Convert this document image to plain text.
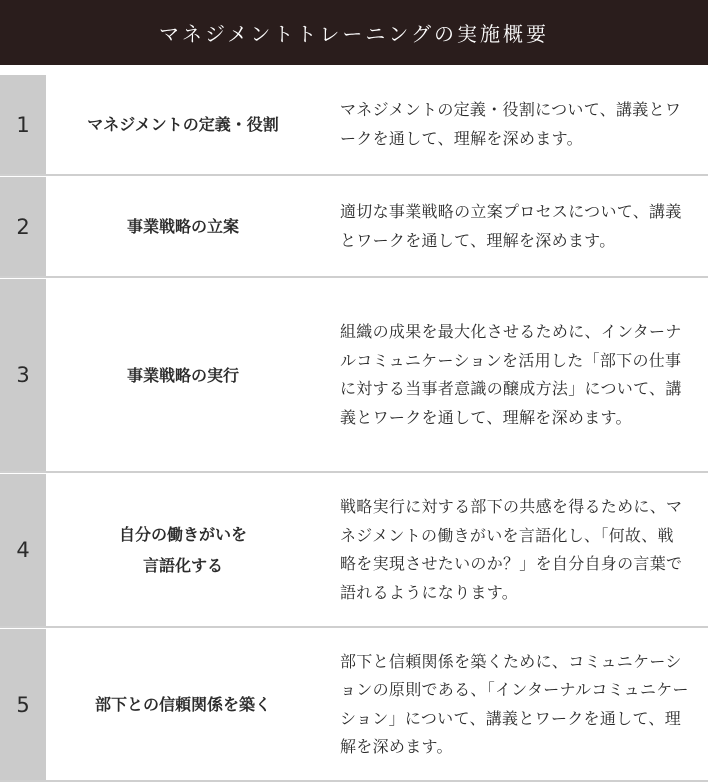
マネジメントトレーニングの実施概要
1	マネジメントの定義・役割
マネジメントの定義・役割について、講義とワークを通して、理解を深めます。
2	事業戦略の立案
適切な事業戦略の立案プロセスについて、講義とワークを通して、理解を深めます。
3	事業戦略の実行
組織の成果を最大化させるために、インターナルコミュニケーションを活用した「部下の仕事に対する当事者意識の醸成方法」について、講義とワークを通して、理解を深めます。
4
自分の働きがいを
言語化する
戦略実行に対する部下の共感を得るために、マネジメントの働きがいを言語化し、「何故、戦略を実現させたいのか？」を自分自身の言葉で語れるようになります。
5	部下との信頼関係を築く
部下と信頼関係を築くために、コミュニケーションの原則である、「インターナルコミュニケーション」について、講義とワークを通して、理解を深めます。
